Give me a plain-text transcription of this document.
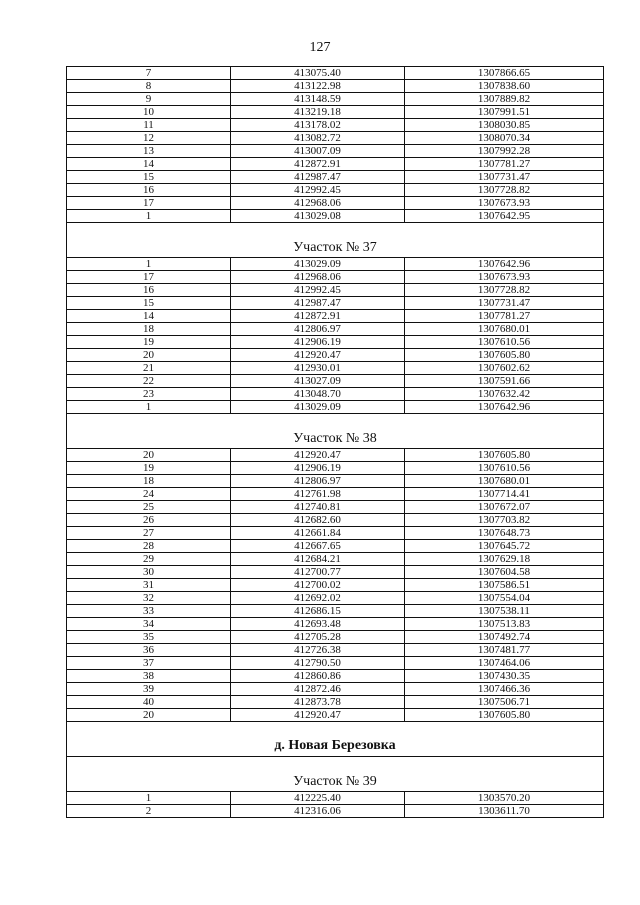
127
7	413075.40	1307866.65
8	413122.98	1307838.60
9	413148.59	1307889.82
10	413219.18	1307991.51
11	413178.02	1308030.85
12	413082.72	1308070.34
13	413007.09	1307992.28
14	412872.91	1307781.27
15	412987.47	1307731.47
16	412992.45	1307728.82
17	412968.06	1307673.93
1	413029.08	1307642.95
Участок № 37		
1	413029.09	1307642.96
17	412968.06	1307673.93
16	412992.45	1307728.82
15	412987.47	1307731.47
14	412872.91	1307781.27
18	412806.97	1307680.01
19	412906.19	1307610.56
20	412920.47	1307605.80
21	412930.01	1307602.62
22	413027.09	1307591.66
23	413048.70	1307632.42
1	413029.09	1307642.96
Участок № 38		
20	412920.47	1307605.80
19	412906.19	1307610.56
18	412806.97	1307680.01
24	412761.98	1307714.41
25	412740.81	1307672.07
26	412682.60	1307703.82
27	412661.84	1307648.73
28	412667.65	1307645.72
29	412684.21	1307629.18
30	412700.77	1307604.58
31	412700.02	1307586.51
32	412692.02	1307554.04
33	412686.15	1307538.11
34	412693.48	1307513.83
35	412705.28	1307492.74
36	412726.38	1307481.77
37	412790.50	1307464.06
38	412860.86	1307430.35
39	412872.46	1307466.36
40	412873.78	1307506.71
20	412920.47	1307605.80
д. Новая Березовка		
Участок № 39		
1	412225.40	1303570.20
2	412316.06	1303611.70
